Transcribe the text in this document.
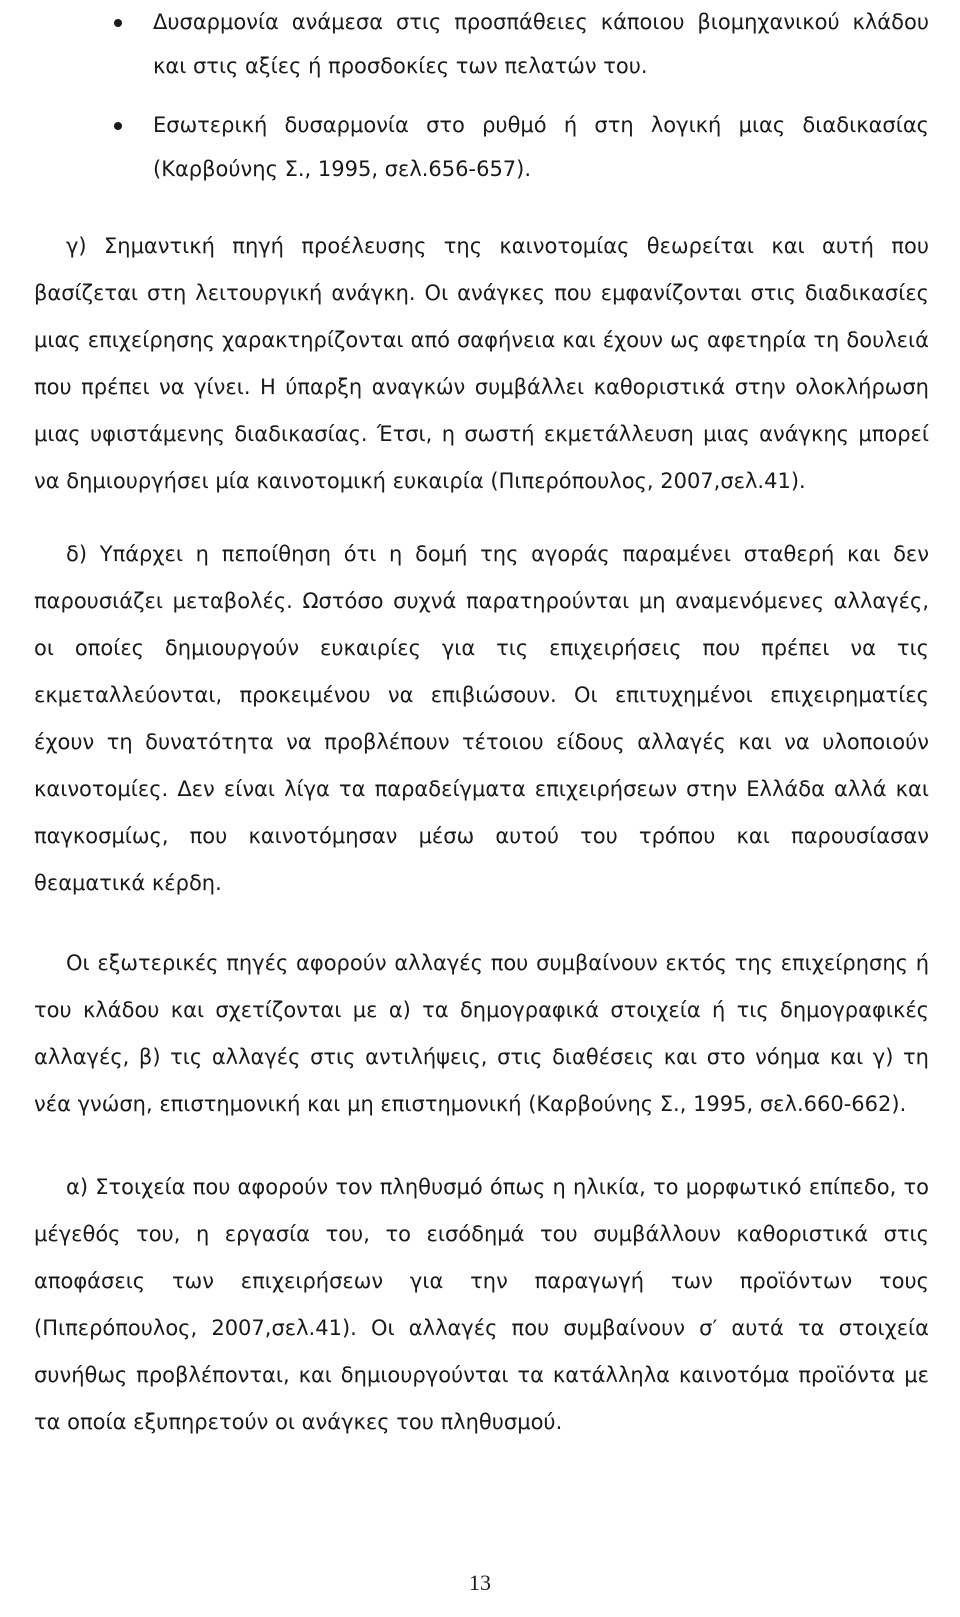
Δυσαρμονία ανάμεσα στις προσπάθειες κάποιου βιομηχανικού κλάδου και στις αξίες ή προσδοκίες των πελατών του.
Εσωτερική δυσαρμονία στο ρυθμό ή στη λογική μιας διαδικασίας (Καρβούνης Σ., 1995, σελ.656-657).

γ) Σημαντική πηγή προέλευσης της καινοτομίας θεωρείται και αυτή που βασίζεται στη λειτουργική ανάγκη. Οι ανάγκες που εμφανίζονται στις διαδικασίες μιας επιχείρησης χαρακτηρίζονται από σαφήνεια και έχουν ως αφετηρία τη δουλειά που πρέπει να γίνει. Η ύπαρξη αναγκών συμβάλλει καθοριστικά στην ολοκλήρωση μιας υφιστάμενης διαδικασίας. Έτσι, η σωστή εκμετάλλευση μιας ανάγκης μπορεί να δημιουργήσει μία καινοτομική ευκαιρία (Πιπερόπουλος, 2007,σελ.41).

δ) Υπάρχει η πεποίθηση ότι η δομή της αγοράς παραμένει σταθερή και δεν παρουσιάζει μεταβολές. Ωστόσο συχνά παρατηρούνται μη αναμενόμενες αλλαγές, οι οποίες δημιουργούν ευκαιρίες για τις επιχειρήσεις που πρέπει να τις εκμεταλλεύονται, προκειμένου να επιβιώσουν. Οι επιτυχημένοι επιχειρηματίες έχουν τη δυνατότητα να προβλέπουν τέτοιου είδους αλλαγές και να υλοποιούν καινοτομίες. Δεν είναι λίγα τα παραδείγματα επιχειρήσεων στην Ελλάδα αλλά και παγκοσμίως, που καινοτόμησαν μέσω αυτού του τρόπου και παρουσίασαν θεαματικά κέρδη.

Οι εξωτερικές πηγές αφορούν αλλαγές που συμβαίνουν εκτός της επιχείρησης ή του κλάδου και σχετίζονται με α) τα δημογραφικά στοιχεία ή τις δημογραφικές αλλαγές, β) τις αλλαγές στις αντιλήψεις, στις διαθέσεις και στο νόημα και γ) τη νέα γνώση, επιστημονική και μη επιστημονική (Καρβούνης Σ., 1995, σελ.660-662).

α) Στοιχεία που αφορούν τον πληθυσμό όπως η ηλικία, το μορφωτικό επίπεδο, το μέγεθός του, η εργασία του, το εισόδημά του συμβάλλουν καθοριστικά στις αποφάσεις των επιχειρήσεων για την παραγωγή των προϊόντων τους (Πιπερόπουλος, 2007,σελ.41). Οι αλλαγές που συμβαίνουν σ′ αυτά τα στοιχεία συνήθως προβλέπονται, και δημιουργούνται τα κατάλληλα καινοτόμα προϊόντα με τα οποία εξυπηρετούν οι ανάγκες του πληθυσμού.

13
